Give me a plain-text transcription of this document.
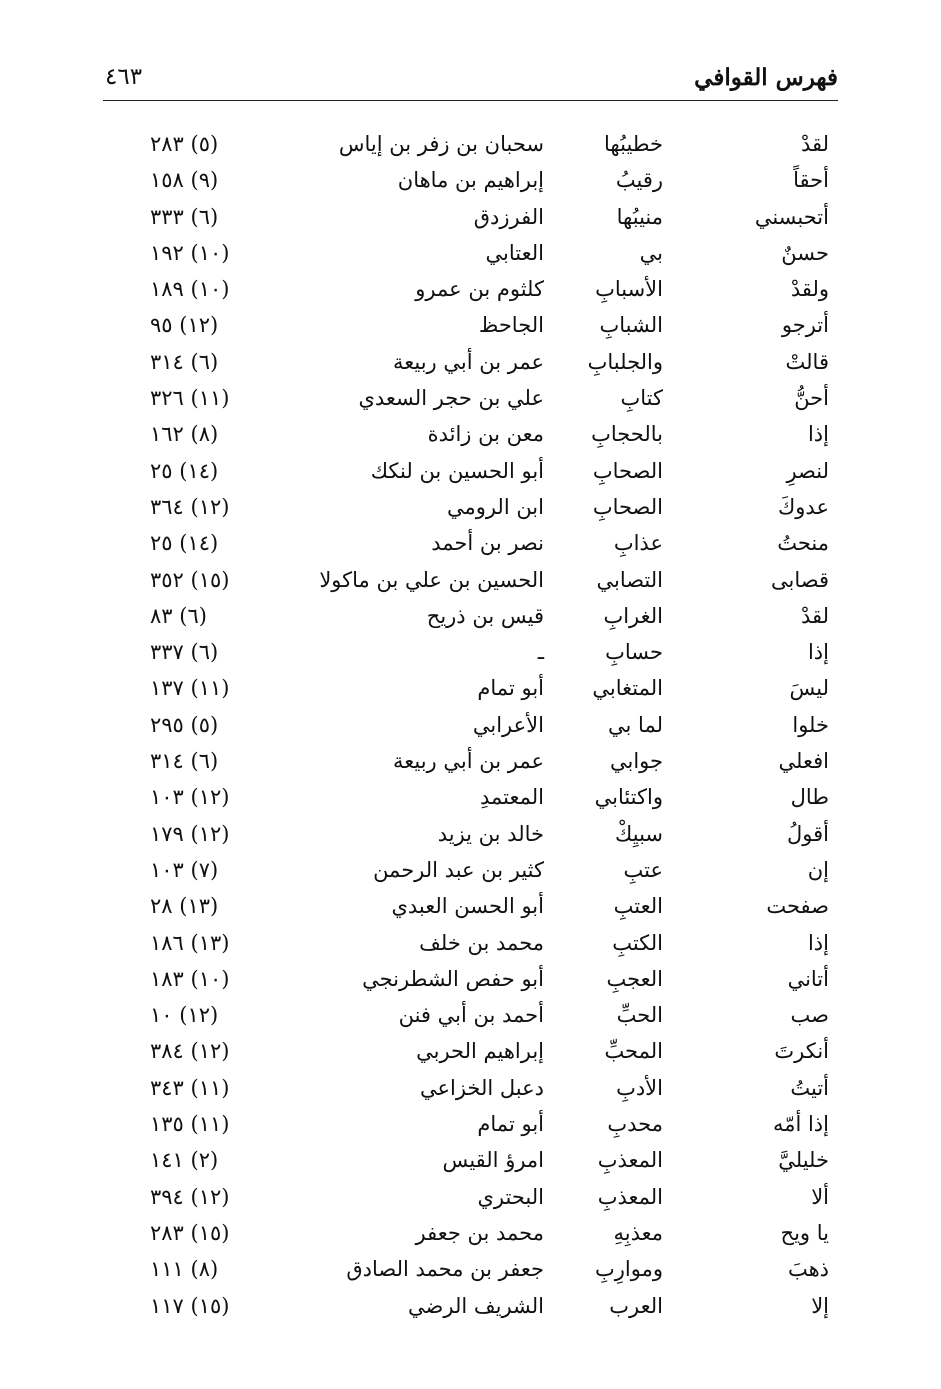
فهرس القوافي
٤٦٣
لقدْ
خطيبُها
سحبان بن زفر بن إياس
(٥) ٢٨٣
أحقاً
رقيبُ
إبراهيم بن ماهان
(٩) ١٥٨
أتحبسني
منيبُها
الفرزدق
(٦) ٣٣٣
حسنٌ
بي
العتابي
(١٠) ١٩٢
ولقدْ
الأسبابِ
كلثوم بن عمرو
(١٠) ١٨٩
أترجو
الشبابِ
الجاحظ
(١٢) ٩٥
قالتْ
والجلبابِ
عمر بن أبي ربيعة
(٦) ٣١٤
أحنُّ
كتابِ
علي بن حجر السعدي
(١١) ٣٢٦
إذا
بالحجابِ
معن بن زائدة
(٨) ١٦٢
لنصرِ
الصحابِ
أبو الحسين بن لنكك
(١٤) ٢٥
عدوكَ
الصحابِ
ابن الرومي
(١٢) ٣٦٤
منحتُ
عذابِ
نصر بن أحمد
(١٤) ٢٥
قصابى
التصابي
الحسين بن علي بن ماكولا
(١٥) ٣٥٢
لقدْ
الغرابِ
قيس بن ذريح
(٦) ٨٣
إذا
حسابِ
ـ
(٦) ٣٣٧
ليسَ
المتغابي
أبو تمام
(١١) ١٣٧
خلوا
لما بي
الأعرابي
(٥) ٢٩٥
افعلي
جوابي
عمر بن أبي ربيعة
(٦) ٣١٤
طال
واكتئابي
المعتمدِ
(١٢) ١٠٣
أقولُ
سبيِكْ
خالد بن يزيد
(١٢) ١٧٩
إن
عتبِ
كثير بن عبد الرحمن
(٧) ١٠٣
صفحت
العتبِ
أبو الحسن العبدي
(١٣) ٢٨
إذا
الكتبِ
محمد بن خلف
(١٣) ١٨٦
أتاني
العجبِ
أبو حفص الشطرنجي
(١٠) ١٨٣
صب
الحبِّ
أحمد بن أبي فنن
(١٢) ١٠
أنكرتَ
المحبِّ
إبراهيم الحربي
(١٢) ٣٨٤
أتيتُ
الأدبِ
دعبل الخزاعي
(١١) ٣٤٣
إذا أمّه
محدبِ
أبو تمام
(١١) ١٣٥
خليليَّ
المعذبِ
امرؤ القيس
(٢) ١٤١
ألا
المعذبِ
البحتري
(١٢) ٣٩٤
يا ويح
معذبِهِ
محمد بن جعفر
(١٥) ٢٨٣
ذهبَ
وموارِبِ
جعفر بن محمد الصادق
(٨) ١١١
إلا
العرب
الشريف الرضي
(١٥) ١١٧
